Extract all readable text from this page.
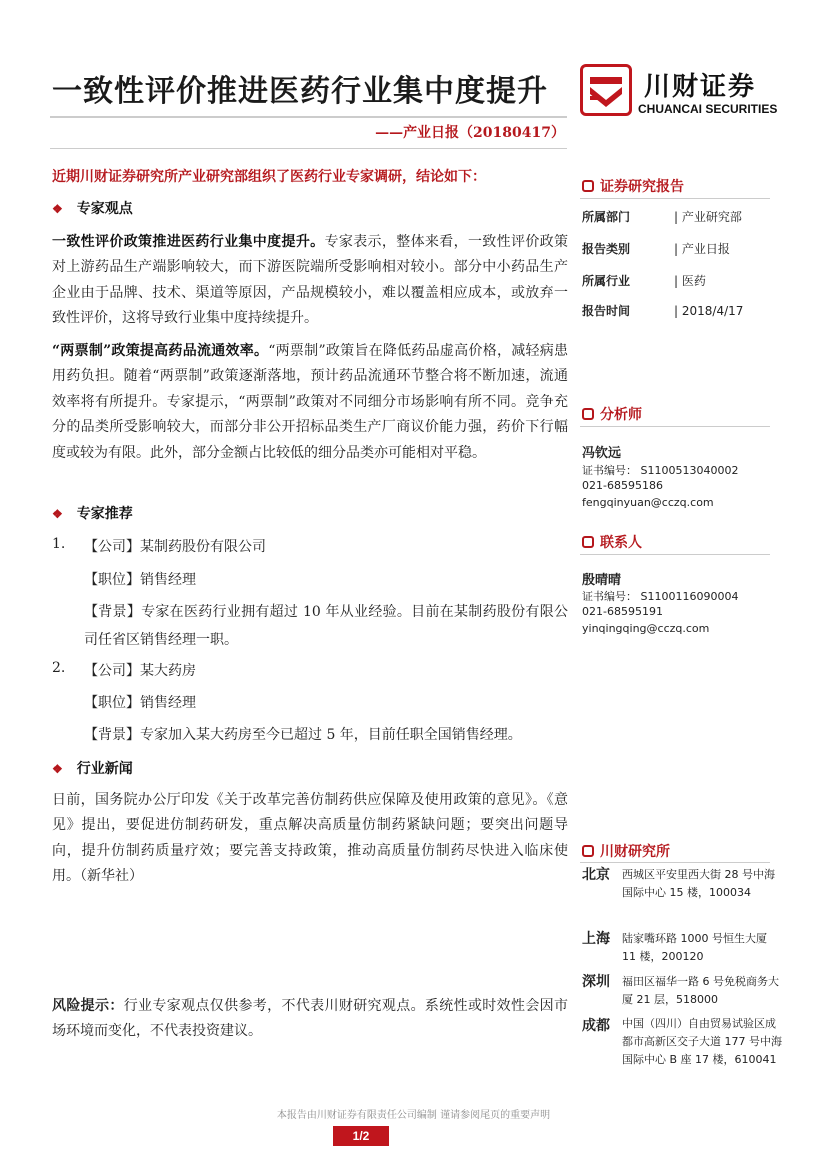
一致性评价推进医药行业集中度提升
——产业日报（20180417）
川财证券
CHUANCAI SECURITIES
近期川财证券研究所产业研究部组织了医药行业专家调研，结论如下：
❖ 专家观点
一致性评价政策推进医药行业集中度提升。专家表示，整体来看，一致性评价政策对上游药品生产端影响较大，而下游医院端所受影响相对较小。部分中小药品生产企业由于品牌、技术、渠道等原因，产品规模较小，难以覆盖相应成本，或放弃一致性评价，这将导致行业集中度持续提升。
“两票制”政策提高药品流通效率。“两票制”政策旨在降低药品虚高价格，减轻病患用药负担。随着“两票制”政策逐渐落地，预计药品流通环节整合将不断加速，流通效率将有所提升。专家提示，“两票制”政策对不同细分市场影响有所不同。竞争充分的品类所受影响较大，而部分非公开招标品类生产厂商议价能力强，药价下行幅度或较为有限。此外，部分金额占比较低的细分品类亦可能相对平稳。
❖ 专家推荐
1. 【公司】某制药股份有限公司
【职位】销售经理
【背景】专家在医药行业拥有超过 10 年从业经验。目前在某制药股份有限公司任省区销售经理一职。
2. 【公司】某大药房
【职位】销售经理
【背景】专家加入某大药房至今已超过 5 年，目前任职全国销售经理。
❖ 行业新闻
日前，国务院办公厅印发《关于改革完善仿制药供应保障及使用政策的意见》。《意见》提出，要促进仿制药研发，重点解决高质量仿制药紧缺问题；要突出问题导向，提升仿制药质量疗效；要完善支持政策，推动高质量仿制药尽快进入临床使用。（新华社）
风险提示：行业专家观点仅供参考，不代表川财研究观点。系统性或时效性会因市场环境而变化，不代表投资建议。
证券研究报告
所属部门	| 产业研究部
报告类别	| 产业日报
所属行业	| 医药
报告时间	| 2018/4/17
分析师
冯钦远
证书编号： S1100513040002
021-68595186
fengqinyuan@cczq.com
联系人
殷晴晴
证书编号： S1100116090004
021-68595191
yinqingqing@cczq.com
川财研究所
北京 西城区平安里西大街 28 号中海国际中心 15 楼，100034
上海 陆家嘴环路 1000 号恒生大厦 11 楼，200120
深圳 福田区福华一路 6 号免税商务大厦 21 层，518000
成都 中国（四川）自由贸易试验区成都市高新区交子大道 177 号中海国际中心 B 座 17 楼，610041
本报告由川财证券有限责任公司编制 谨请参阅尾页的重要声明
1/2
